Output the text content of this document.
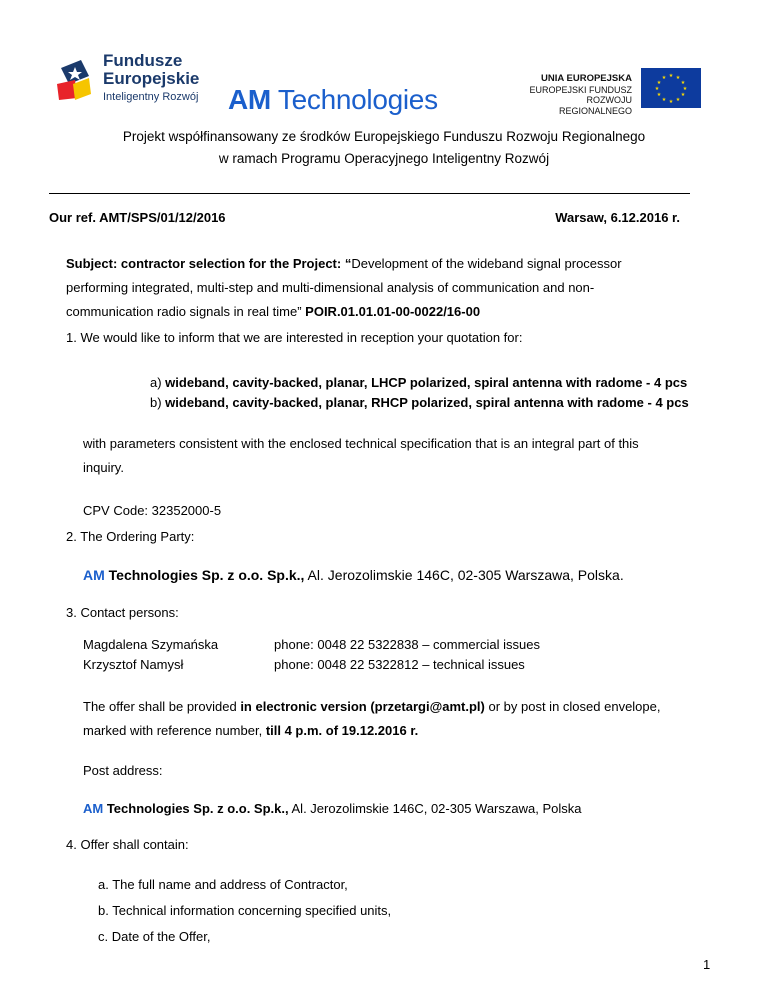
Fundusze
Europejskie
Inteligentny Rozwój AM Technologies
UNIA EUROPEJSKA
EUROPEJSKI FUNDUSZ
ROZWOJU REGIONALNEGO
★ ★
★
★
★
★
★
★
★
★
★
★
Projekt współfinansowany ze środków Europejskiego Funduszu Rozwoju Regionalnego
w ramach Programu Operacyjnego Inteligentny Rozwój
Our ref. AMT/SPS/01/12/2016	Warsaw, 6.12.2016 r.
Subject: contractor selection for the Project: “Development of the wideband signal processor
performing integrated, multi-step and multi-dimensional analysis of communication and non-
communication radio signals in real time” POIR.01.01.01-00-0022/16-00
1. We would like to inform that we are interested in reception your quotation for:
a) wideband, cavity-backed, planar, LHCP polarized, spiral antenna with radome - 4 pcs
b) wideband, cavity-backed, planar, RHCP polarized, spiral antenna with radome - 4 pcs
with parameters consistent with the enclosed technical specification that is an integral part of this
inquiry.
CPV Code: 32352000-5
2. The Ordering Party:
AM Technologies Sp. z o.o. Sp.k., Al. Jerozolimskie 146C, 02-305 Warszawa, Polska.
3. Contact persons:
Magdalena Szymańska	phone: 0048 22 5322838 – commercial issues
Krzysztof Namysł	phone: 0048 22 5322812 – technical issues
The offer shall be provided in electronic version (przetargi@amt.pl) or by post in closed envelope,
marked with reference number, till 4 p.m. of 19.12.2016 r.
Post address:
AM Technologies Sp. z o.o. Sp.k., Al. Jerozolimskie 146C, 02-305 Warszawa, Polska
4. Offer shall contain:
a. The full name and address of Contractor,
b. Technical information concerning specified units,
c. Date of the Offer,
1
